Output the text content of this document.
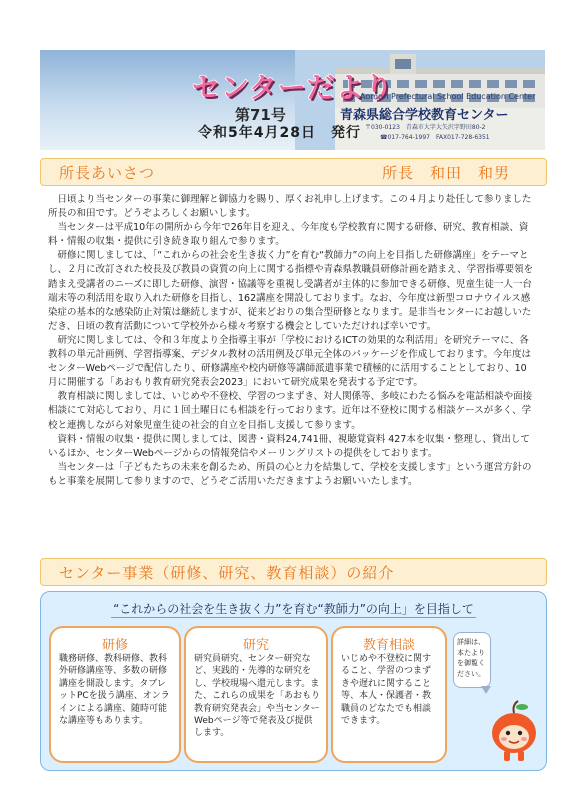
センターだより
第71号
令和5年4月28日　発行
Aomori Prefectural School Education Center
青森県総合学校教育センター
〒030-0123　青森市大字大矢沢字野田80-2
☎017-764-1997　FAX017-728-6351
所長あいさつ	所長　和田　和男

日頃より当センターの事業に御理解と御協力を賜り、厚くお礼申し上げます。この４月より赴任して参りました所長の和田です。どうぞよろしくお願いします。

当センターは平成10年の開所から今年で26年目を迎え、今年度も学校教育に関する研修、研究、教育相談、資料・情報の収集・提供に引き続き取り組んで参ります。

研修に関しましては、「“これからの社会を生き抜く力”を育む“教師力”の向上を目指した研修講座」をテーマとし、２月に改訂された校長及び教員の資質の向上に関する指標や青森県教職員研修計画を踏まえ、学習指導要領を踏まえ受講者のニーズに即した研修、演習・協議等を重視し受講者が主体的に参加できる研修、児童生徒一人一台端末等の利活用を取り入れた研修を目指し、162講座を開設しております。なお、今年度は新型コロナウイルス感染症の基本的な感染防止対策は継続しますが、従来どおりの集合型研修となります。是非当センターにお越しいただき、日頃の教育活動について学校外から様々考察する機会としていただければ幸いです。

研究に関しましては、令和３年度より全指導主事が「学校におけるICTの効果的な利活用」を研究テーマに、各教科の単元計画例、学習指導案、デジタル教材の活用例及び単元全体のパッケージを作成しております。今年度はセンターWebページで配信したり、研修講座や校内研修等講師派遣事業で積極的に活用することとしており、10月に開催する「あおもり教育研究発表会2023」において研究成果を発表する予定です。

教育相談に関しましては、いじめや不登校、学習のつまずき、対人関係等、多岐にわたる悩みを電話相談や面接相談にて対応しており、月に１回土曜日にも相談を行っております。近年は不登校に関する相談ケースが多く、学校と連携しながら対象児童生徒の社会的自立を目指し支援して参ります。

資料・情報の収集・提供に関しましては、図書・資料24,741冊、視聴覚資料 427本を収集・整理し、貸出しているほか、センターWebページからの情報発信やメーリングリストの提供をしております。

当センターは「子どもたちの未来を創るため、所員の心と力を結集して、学校を支援します」という運営方針のもと事業を展開して参りますので、どうぞご活用いただきますようお願いいたします。

センター事業（研修、研究、教育相談）の紹介
“これからの社会を生き抜く力”を育む“教師力”の向上」を目指して
研修
職務研修、教科研修、教科外研修講座等、多数の研修講座を開設します。タブレットPCを扱う講座、オンラインによる講座、随時可能な講座等もあります。
研究
研究員研究、センター研究など、実践的・先導的な研究をし、学校現場へ還元します。また、これらの成果を「あおもり教育研究発表会」や当センターWebページ等で発表及び提供します。
教育相談
いじめや不登校に関すること、学習のつまずきや遅れに関すること等、本人・保護者・教職員のどなたでも相談できます。
詳細は、本たよりを御覧ください。
